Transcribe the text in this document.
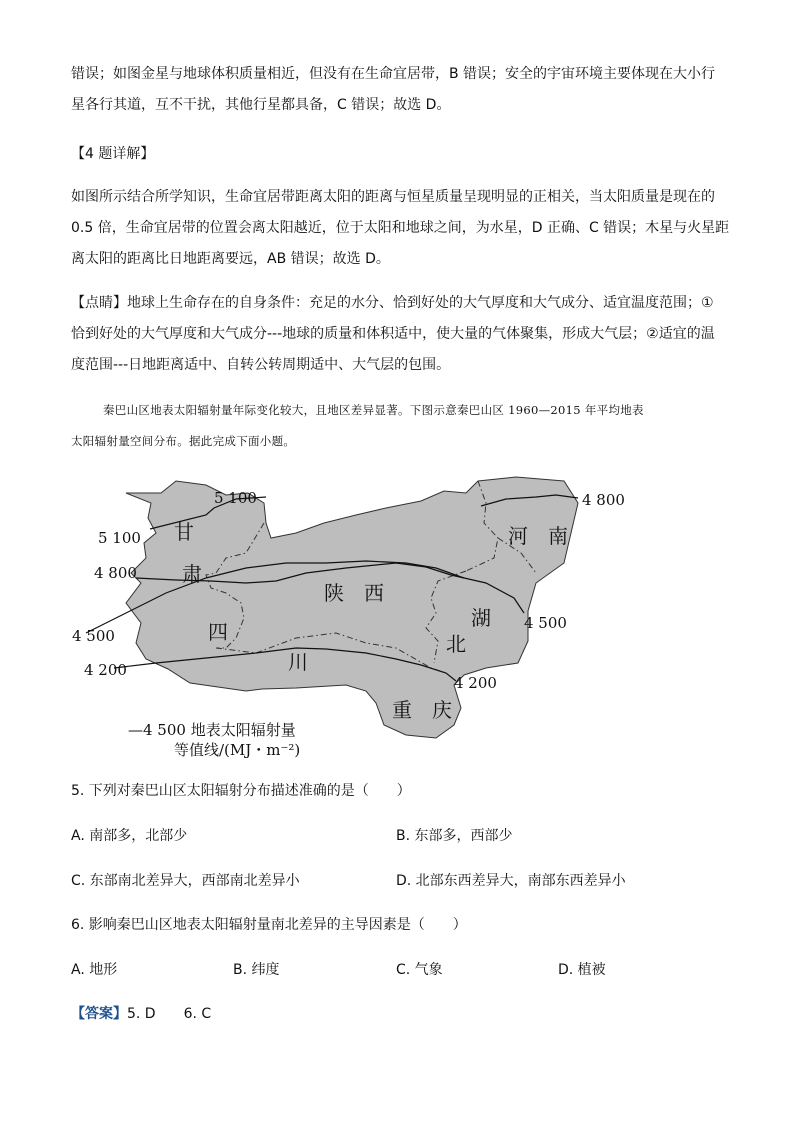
错误；如图金星与地球体积质量相近，但没有在生命宜居带，B 错误；安全的宇宙环境主要体现在大小行
星各行其道，互不干扰，其他行星都具备，C 错误；故选 D。
【4 题详解】
如图所示结合所学知识，生命宜居带距离太阳的距离与恒星质量呈现明显的正相关，当太阳质量是现在的
0.5 倍，生命宜居带的位置会离太阳越近，位于太阳和地球之间，为水星，D 正确、C 错误；木星与火星距
离太阳的距离比日地距离要远，AB 错误；故选 D。
【点睛】地球上生命存在的自身条件：充足的水分、恰到好处的大气厚度和大气成分、适宜温度范围；①
恰到好处的大气厚度和大气成分---地球的质量和体积适中，使大量的气体聚集，形成大气层；②适宜的温
度范围---日地距离适中、自转公转周期适中、大气层的包围。
秦巴山区地表太阳辐射量年际变化较大，且地区差异显著。下图示意秦巴山区 1960—2015 年平均地表
太阳辐射量空间分布。据此完成下面小题。
5 100
5 100
4 800
4 800
4 500
4 500
4 200
4 200
甘
肃
河　南
陕　西
湖
北
四
川
重　庆
—4 500 地表太阳辐射量
等值线/(MJ・m⁻²)
5. 下列对秦巴山区太阳辐射分布描述准确的是（　　）
A. 南部多，北部少	B. 东部多，西部少
C. 东部南北差异大，西部南北差异小	D. 北部东西差异大，南部东西差异小
6. 影响秦巴山区地表太阳辐射量南北差异的主导因素是（　　）
A. 地形	B. 纬度	C. 气象	D. 植被
【答案】5. D　　6. C
